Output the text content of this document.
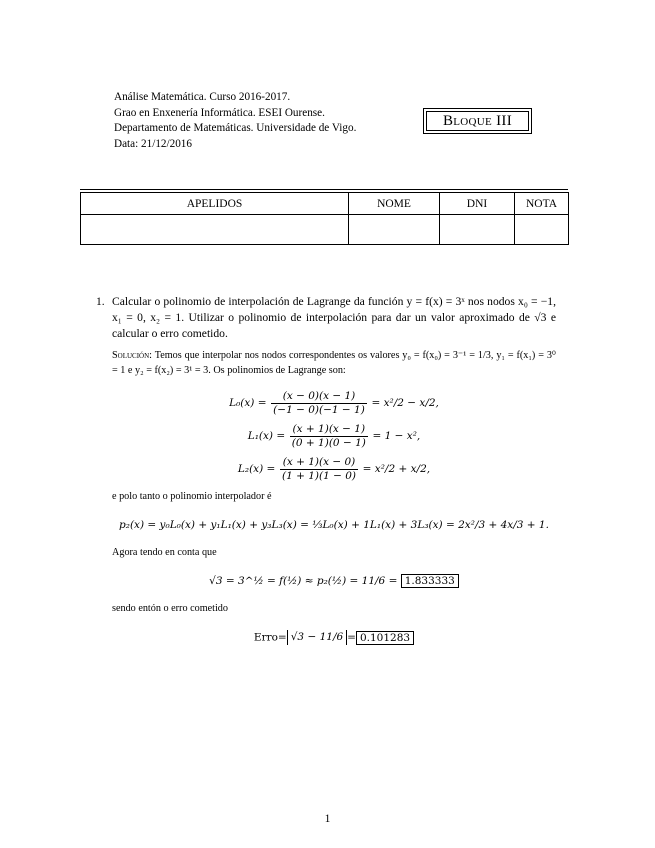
Análise Matemática. Curso 2016-2017.
Grao en Enxenería Informática. ESEI Ourense.
Departamento de Matemáticas. Universidade de Vigo.
Data: 21/12/2016
Bloque III
APELIDOS	NOME	DNI	NOTA

1. Calcular o polinomio de interpolación de Lagrange da función y = f(x) = 3ˣ nos nodos x₀ = −1, x₁ = 0, x₂ = 1. Utilizar o polinomio de interpolación para dar un valor aproximado de √3 e calcular o erro cometido.
Solución: Temos que interpolar nos nodos correspondentes os valores y₀ = f(x₀) = 3⁻¹ = 1/3, y₁ = f(x₁) = 3⁰ = 1 e y₂ = f(x₂) = 3¹ = 3. Os polinomios de Lagrange son:
$L_0(x) = \frac{(x - 0)(x - 1)}{(-1 - 0)(-1 - 1)} = x^2/2 - x/2$,
$L_1(x) = \frac{(x + 1)(x - 1)}{(0 + 1)(0 - 1)} = 1 - x^2$,
$L_2(x) = \frac{(x + 1)(x - 0)}{(1 + 1)(1 - 0)} = x^2/2 + x/2$,
e polo tanto o polinomio interpolador é
p₂(x) = y₀L₀(x) + y₁L₁(x) + y₃L₃(x) = ⅓L₀(x) + 1L₁(x) + 3L₃(x) = 2x²/3 + 4x/3 + 1.
Agora tendo en conta que
√3 = 3^½ = f(½) ≈ p₂(½) = 11/6 = 1.833333
sendo entón o erro cometido
Erro= √3 − 11/6 = 0.101283
1
